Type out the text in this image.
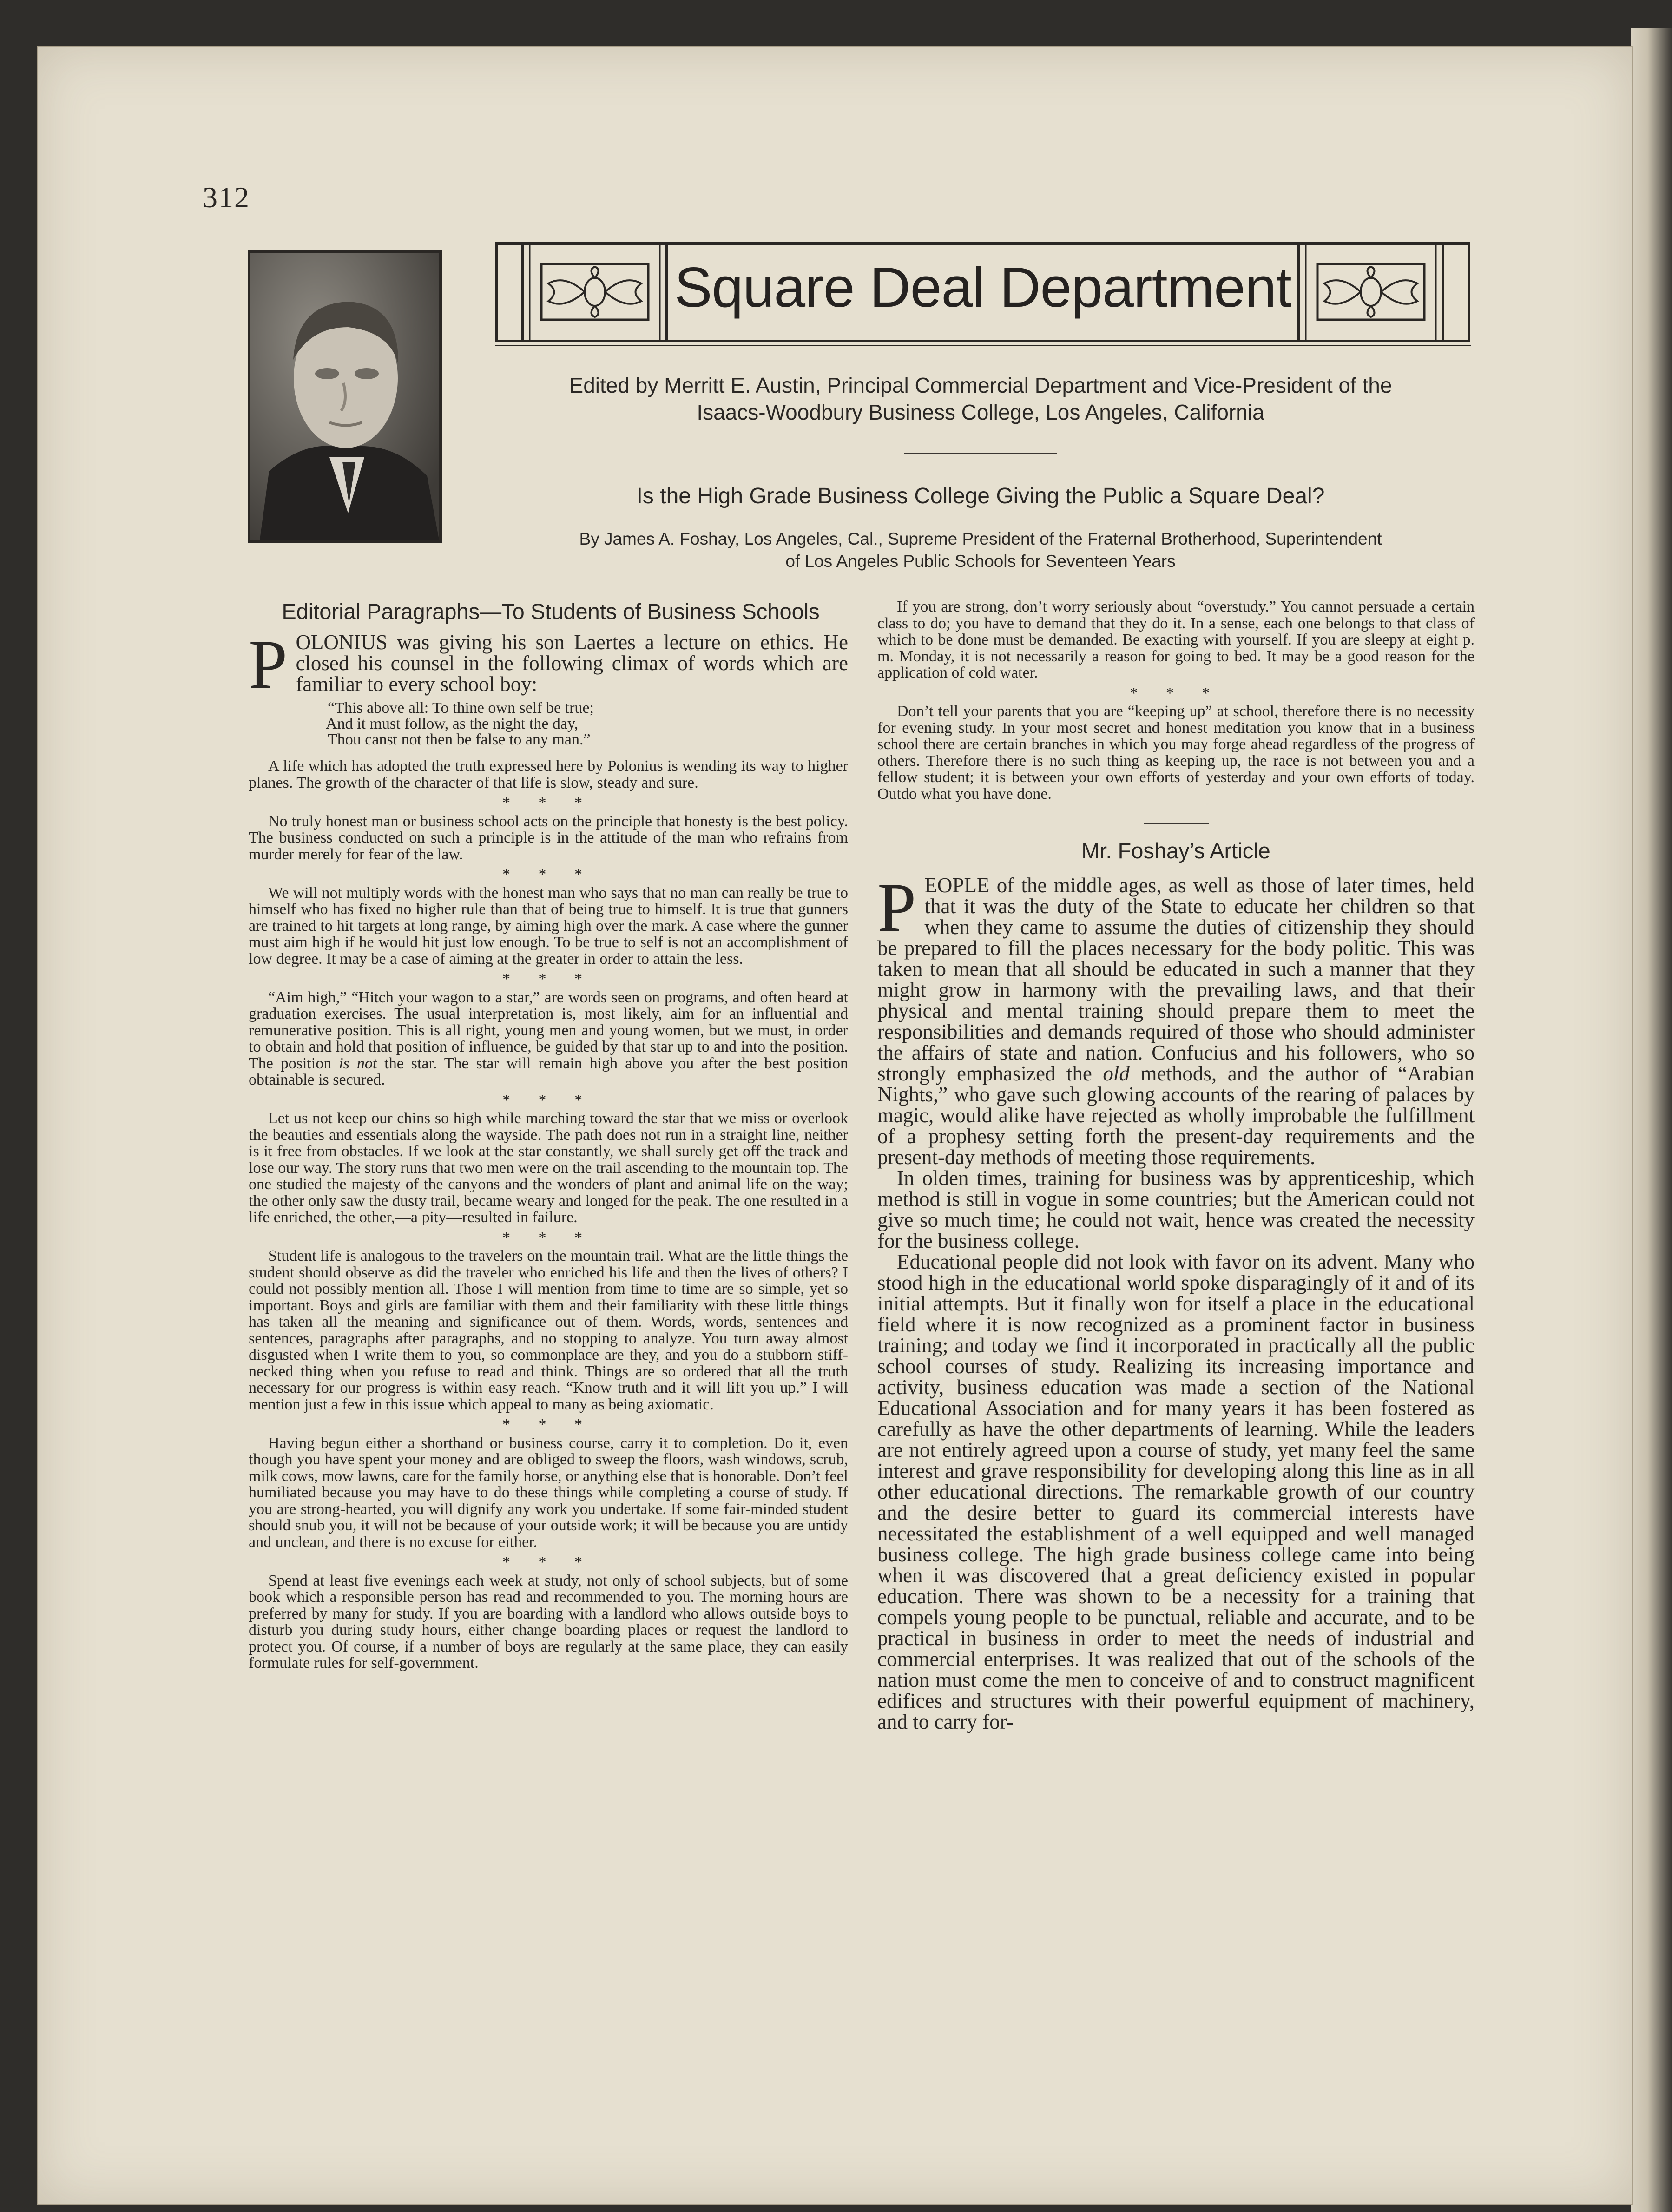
312
Square Deal Department
Edited by Merritt E. Austin, Principal Commercial Department and Vice-President of the
Isaacs-Woodbury Business College, Los Angeles, California
Is the High Grade Business College Giving the Public a Square Deal?
By James A. Foshay, Los Angeles, Cal., Supreme President of the Fraternal Brotherhood, Superintendent
of Los Angeles Public Schools for Seventeen Years
Editorial Paragraphs—To Students of Business Schools
POLONIUS was giving his son Laertes a lecture on ethics. He closed his counsel in the following climax of words which are familiar to every school boy:
“This above all: To thine own self be true;
And it must follow, as the night the day,
Thou canst not then be false to any man.”

A life which has adopted the truth expressed here by Polonius is wending its way to higher planes. The growth of the character of that life is slow, steady and sure.

* * *

No truly honest man or business school acts on the principle that honesty is the best policy. The business conducted on such a principle is in the attitude of the man who refrains from murder merely for fear of the law.

* * *

We will not multiply words with the honest man who says that no man can really be true to himself who has fixed no higher rule than that of being true to himself. It is true that gunners are trained to hit targets at long range, by aiming high over the mark. A case where the gunner must aim high if he would hit just low enough. To be true to self is not an accomplishment of low degree. It may be a case of aiming at the greater in order to attain the less.

* * *

“Aim high,” “Hitch your wagon to a star,” are words seen on programs, and often heard at graduation exercises. The usual interpretation is, most likely, aim for an influential and remunerative position. This is all right, young men and young women, but we must, in order to obtain and hold that position of influence, be guided by that star up to and into the position. The position is not the star. The star will remain high above you after the best position obtainable is secured.

* * *

Let us not keep our chins so high while marching toward the star that we miss or overlook the beauties and essentials along the wayside. The path does not run in a straight line, neither is it free from obstacles. If we look at the star constantly, we shall surely get off the track and lose our way. The story runs that two men were on the trail ascending to the mountain top. The one studied the majesty of the canyons and the wonders of plant and animal life on the way; the other only saw the dusty trail, became weary and longed for the peak. The one resulted in a life enriched, the other,—a pity—resulted in failure.

* * *

Student life is analogous to the travelers on the mountain trail. What are the little things the student should observe as did the traveler who enriched his life and then the lives of others? I could not possibly mention all. Those I will mention from time to time are so simple, yet so important. Boys and girls are familiar with them and their familiarity with these little things has taken all the meaning and significance out of them. Words, words, sentences and sentences, paragraphs after paragraphs, and no stopping to analyze. You turn away almost disgusted when I write them to you, so commonplace are they, and you do a stubborn stiff-necked thing when you refuse to read and think. Things are so ordered that all the truth necessary for our progress is within easy reach. “Know truth and it will lift you up.” I will mention just a few in this issue which appeal to many as being axiomatic.

* * *

Having begun either a shorthand or business course, carry it to completion. Do it, even though you have spent your money and are obliged to sweep the floors, wash windows, scrub, milk cows, mow lawns, care for the family horse, or anything else that is honorable. Don’t feel humiliated because you may have to do these things while completing a course of study. If you are strong-hearted, you will dignify any work you undertake. If some fair-minded student should snub you, it will not be because of your outside work; it will be because you are untidy and unclean, and there is no excuse for either.

* * *

Spend at least five evenings each week at study, not only of school subjects, but of some book which a responsible person has read and recommended to you. The morning hours are preferred by many for study. If you are boarding with a landlord who allows outside boys to disturb you during study hours, either change boarding places or request the landlord to protect you. Of course, if a number of boys are regularly at the same place, they can easily formulate rules for self-government.

If you are strong, don’t worry seriously about “overstudy.” You cannot persuade a certain class to do; you have to demand that they do it. In a sense, each one belongs to that class of which to be done must be demanded. Be exacting with yourself. If you are sleepy at eight p. m. Monday, it is not necessarily a reason for going to bed. It may be a good reason for the application of cold water.

* * *

Don’t tell your parents that you are “keeping up” at school, therefore there is no necessity for evening study. In your most secret and honest meditation you know that in a business school there are certain branches in which you may forge ahead regardless of the progress of others. Therefore there is no such thing as keeping up, the race is not between you and a fellow student; it is between your own efforts of yesterday and your own efforts of today. Outdo what you have done.

Mr. Foshay’s Article
PEOPLE of the middle ages, as well as those of later times, held that it was the duty of the State to educate her children so that when they came to assume the duties of citizenship they should be prepared to fill the places necessary for the body politic. This was taken to mean that all should be educated in such a manner that they might grow in harmony with the prevailing laws, and that their physical and mental training should prepare them to meet the responsibilities and demands required of those who should administer the affairs of state and nation. Confucius and his followers, who so strongly emphasized the old methods, and the author of “Arabian Nights,” who gave such glowing accounts of the rearing of palaces by magic, would alike have rejected as wholly improbable the fulfillment of a prophesy setting forth the present-day requirements and the present-day methods of meeting those requirements.
In olden times, training for business was by apprenticeship, which method is still in vogue in some countries; but the American could not give so much time; he could not wait, hence was created the necessity for the business college.
Educational people did not look with favor on its advent. Many who stood high in the educational world spoke disparagingly of it and of its initial attempts. But it finally won for itself a place in the educational field where it is now recognized as a prominent factor in business training; and today we find it incorporated in practically all the public school courses of study. Realizing its increasing importance and activity, business education was made a section of the National Educational Association and for many years it has been fostered as carefully as have the other departments of learning. While the leaders are not entirely agreed upon a course of study, yet many feel the same interest and grave responsibility for developing along this line as in all other educational directions. The remarkable growth of our country and the desire better to guard its commercial interests have necessitated the establishment of a well equipped and well managed business college. The high grade business college came into being when it was discovered that a great deficiency existed in popular education. There was shown to be a necessity for a training that compels young people to be punctual, reliable and accurate, and to be practical in business in order to meet the needs of industrial and commercial enterprises. It was realized that out of the schools of the nation must come the men to conceive of and to construct magnificent edifices and structures with their powerful equipment of machinery, and to carry for-
